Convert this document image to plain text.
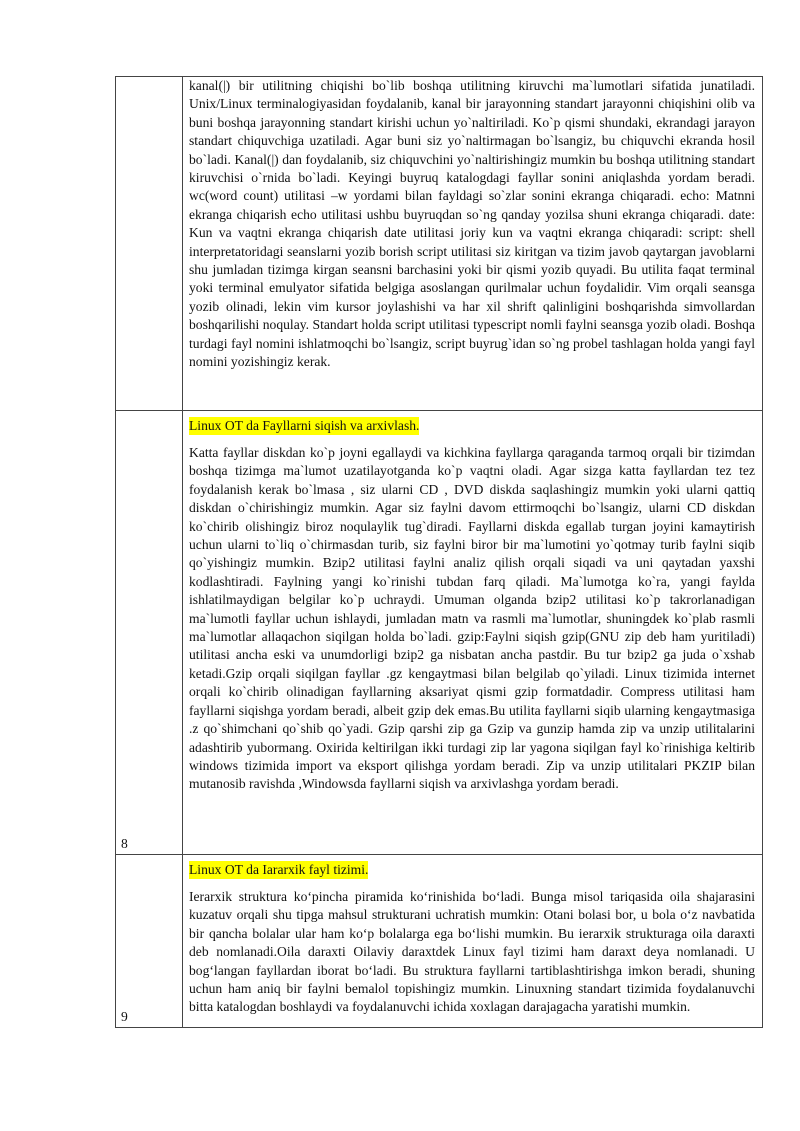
	kanal(|) bir utilitning chiqishi bo`lib boshqa utilitning kiruvchi ma`lumotlari sifatida junatiladi. Unix/Linux terminalogiyasidan foydalanib, kanal bir jarayonning standart jarayonni chiqishini olib va buni boshqa jarayonning standart kirishi uchun yo`naltiriladi. Ko`p qismi shundaki, ekrandagi jarayon standart chiquvchiga uzatiladi. Agar buni siz yo`naltirmagan bo`lsangiz, bu chiquvchi ekranda hosil bo`ladi. Kanal(|) dan foydalanib, siz chiquvchini yo`naltirishingiz mumkin bu boshqa utilitning standart kiruvchisi o`rnida bo`ladi. Keyingi buyruq katalogdagi fayllar sonini aniqlashda yordam beradi. wc(word count) utilitasi –w yordami bilan fayldagi so`zlar sonini ekranga chiqaradi. echo: Matnni ekranga chiqarish echo utilitasi ushbu buyruqdan so`ng qanday yozilsa shuni ekranga chiqaradi. date: Kun va vaqtni ekranga chiqarish date utilitasi joriy kun va vaqtni ekranga chiqaradi: script: shell interpretatoridagi seanslarni yozib borish script utilitasi siz kiritgan va tizim javob qaytargan javoblarni shu jumladan tizimga kirgan seansni barchasini yoki bir qismi yozib quyadi. Bu utilita faqat terminal yoki terminal emulyator sifatida belgiga asoslangan qurilmalar uchun foydalidir. Vim orqali seansga yozib olinadi, lekin vim kursor joylashishi va har xil shrift qalinligini boshqarishda simvollardan boshqarilishi noqulay. Standart holda script utilitasi typescript nomli faylni seansga yozib oladi. Boshqa turdagi fayl nomini ishlatmoqchi bo`lsangiz, script buyrug`idan so`ng probel tashlagan holda yangi fayl nomini yozishingiz kerak.

8	Linux OT da Fayllarni siqish va arxivlash.

Katta fayllar diskdan ko`p joyni egallaydi va kichkina fayllarga qaraganda tarmoq orqali bir tizimdan boshqa tizimga ma`lumot uzatilayotganda ko`p vaqtni oladi. Agar sizga katta fayllardan tez tez foydalanish kerak bo`lmasa , siz ularni CD , DVD diskda saqlashingiz mumkin yoki ularni qattiq diskdan o`chirishingiz mumkin. Agar siz faylni davom ettirmoqchi bo`lsangiz, ularni CD diskdan ko`chirib olishingiz biroz noqulaylik tug`diradi. Fayllarni diskda egallab turgan joyini kamaytirish uchun ularni to`liq o`chirmasdan turib, siz faylni biror bir ma`lumotini yo`qotmay turib faylni siqib qo`yishingiz mumkin. Bzip2 utilitasi faylni analiz qilish orqali siqadi va uni qaytadan yaxshi kodlashtiradi. Faylning yangi ko`rinishi tubdan farq qiladi. Ma`lumotga ko`ra, yangi faylda ishlatilmaydigan belgilar ko`p uchraydi. Umuman olganda bzip2 utilitasi ko`p takrorlanadigan ma`lumotli fayllar uchun ishlaydi, jumladan matn va rasmli ma`lumotlar, shuningdek ko`plab rasmli ma`lumotlar allaqachon siqilgan holda bo`ladi. gzip:Faylni siqish gzip(GNU zip deb ham yuritiladi) utilitasi ancha eski va unumdorligi bzip2 ga nisbatan ancha pastdir. Bu tur bzip2 ga juda o`xshab ketadi.Gzip orqali siqilgan fayllar .gz kengaytmasi bilan belgilab qo`yiladi. Linux tizimida internet orqali ko`chirib olinadigan fayllarning aksariyat qismi gzip formatdadir. Compress utilitasi ham fayllarni siqishga yordam beradi, albeit gzip dek emas.Bu utilita fayllarni siqib ularning kengaytmasiga .z qo`shimchani qo`shib qo`yadi. Gzip qarshi zip ga Gzip va gunzip hamda zip va unzip utilitalarini adashtirib yubormang. Oxirida keltirilgan ikki turdagi zip lar yagona siqilgan fayl ko`rinishiga keltirib windows tizimida import va eksport qilishga yordam beradi. Zip va unzip utilitalari PKZIP bilan mutanosib ravishda ,Windowsda fayllarni siqish va arxivlashga yordam beradi.

9	Linux OT da Iararxik fayl tizimi.

Ierarxik struktura ko‘pincha piramida ko‘rinishida bo‘ladi. Bunga misol tariqasida oila shajarasini kuzatuv orqali shu tipga mahsul strukturani uchratish mumkin: Otani bolasi bor, u bola o‘z navbatida bir qancha bolalar ular ham ko‘p bolalarga ega bo‘lishi mumkin. Bu ierarxik strukturaga oila daraxti deb nomlanadi.Oila daraxti Oilaviy daraxtdek Linux fayl tizimi ham daraxt deya nomlanadi. U bog‘langan fayllardan iborat bo‘ladi. Bu struktura fayllarni tartiblashtirishga imkon beradi, shuning uchun ham aniq bir faylni bemalol topishingiz mumkin. Linuxning standart tizimida foydalanuvchi bitta katalogdan boshlaydi va foydalanuvchi ichida xoxlagan darajagacha yaratishi mumkin.
